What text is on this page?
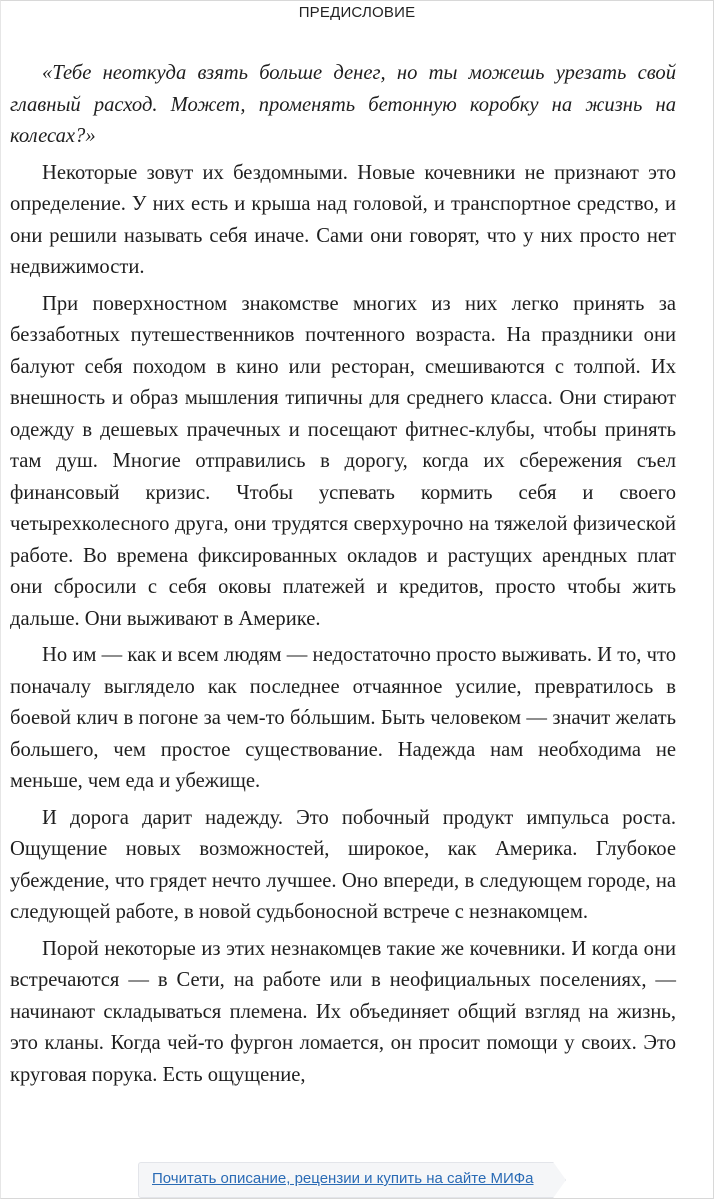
ПРЕДИСЛОВИЕ

«Тебе неоткуда взять больше денег, но ты можешь урезать свой главный расход. Может, променять бетонную коробку на жизнь на колесах?»

Некоторые зовут их бездомными. Новые кочевники не признают это определение. У них есть и крыша над головой, и транспортное средство, и они решили называть себя иначе. Сами они говорят, что у них просто нет недвижимости.

При поверхностном знакомстве многих из них легко принять за беззаботных путешественников почтенного возраста. На праздники они балуют себя походом в кино или ресторан, смешиваются с толпой. Их внешность и образ мышления типичны для среднего класса. Они стирают одежду в дешевых прачечных и посещают фитнес-клубы, чтобы принять там душ. Многие отправились в дорогу, когда их сбережения съел финансовый кризис. Чтобы успевать кормить себя и своего четырехколесного друга, они трудятся сверхурочно на тяжелой физической работе. Во времена фиксированных окладов и растущих арендных плат они сбросили с себя оковы платежей и кредитов, просто чтобы жить дальше. Они выживают в Америке.

Но им — как и всем людям — недостаточно просто выживать. И то, что поначалу выглядело как последнее отчаянное усилие, превратилось в боевой клич в погоне за чем-то бóльшим. Быть человеком — значит желать большего, чем простое существование. Надежда нам необходима не меньше, чем еда и убежище.

И дорога дарит надежду. Это побочный продукт импульса роста. Ощущение новых возможностей, широкое, как Америка. Глубокое убеждение, что грядет нечто лучшее. Оно впереди, в следующем городе, на следующей работе, в новой судьбоносной встрече с незнакомцем.

Порой некоторые из этих незнакомцев такие же кочевники. И когда они встречаются — в Сети, на работе или в неофициальных поселениях, — начинают складываться племена. Их объединяет общий взгляд на жизнь, это кланы. Когда чей-то фургон ломается, он просит помощи у своих. Это круговая порука. Есть ощущение,

Почитать описание, рецензии и купить на сайте МИФа
